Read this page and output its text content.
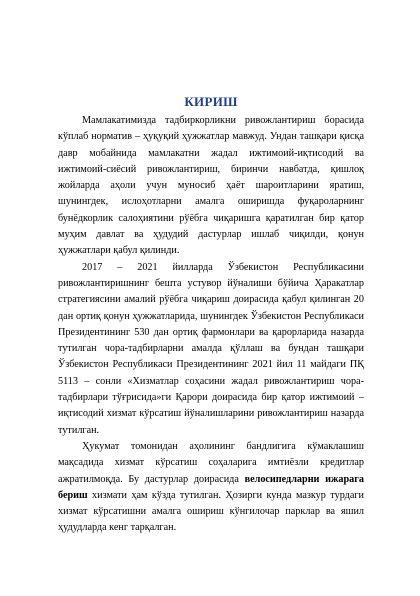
КИРИШ

Мамлакатимизда тадбиркорликни ривожлантириш борасида кўплаб норматив – ҳуқуқий ҳужжатлар мавжуд. Ундан ташқари қисқа давр мобайнида мамлакатни жадал ижтимоий-иқтисодий ва ижтимоий-сиёсий ривожлантириш, биринчи навбатда, қишлоқ жойларда аҳоли учун муносиб ҳаёт шароитларини яратиш, шунингдек, ислоҳотларни амалга оширишда фуқароларнинг бунёдкорлик салоҳиятини рўёбга чиқаришга қаратилган бир қатор муҳим давлат ва ҳудудий дастурлар ишлаб чиқилди, қонун ҳужжатлари қабул қилинди.

2017 – 2021 йилларда Ўзбекистон Республикасини ривожлантиришнинг бешта устувор йўналиши бўйича Ҳаракатлар стратегиясини амалий рўёбга чиқариш доирасида қабул қилинган 20 дан ортиқ қонун ҳужжатларида, шунингдек Ўзбекистон Республикаси Президентининг 530 дан ортиқ фармонлари ва қарорларида назарда тутилган чора-тадбирларни амалда қўллаш ва бундан ташқари Ўзбекистон Республикаси Президентининг 2021 йил 11 майдаги ПҚ 5113 – сонли «Хизматлар соҳасини жадал ривожлантириш чора-тадбирлари тўғрисида»ги Қарори доирасида бир қатор ижтимоий – иқтисодий хизмат кўрсатиш йўналишларини ривожлантириш назарда тутилган.

Ҳукумат томонидан аҳолининг бандлигига кўмаклашиш мақсадида хизмат кўрсатиш соҳаларига имтиёзли кредитлар ажратилмоқда. Бу дастурлар доирасида велосипедларни ижарага бериш хизмати ҳам кўзда тутилган. Ҳозирги кунда мазкур турдаги хизмат кўрсатишни амалга ошириш кўнгилочар парклар ва яшил ҳудудларда кенг тарқалган.
